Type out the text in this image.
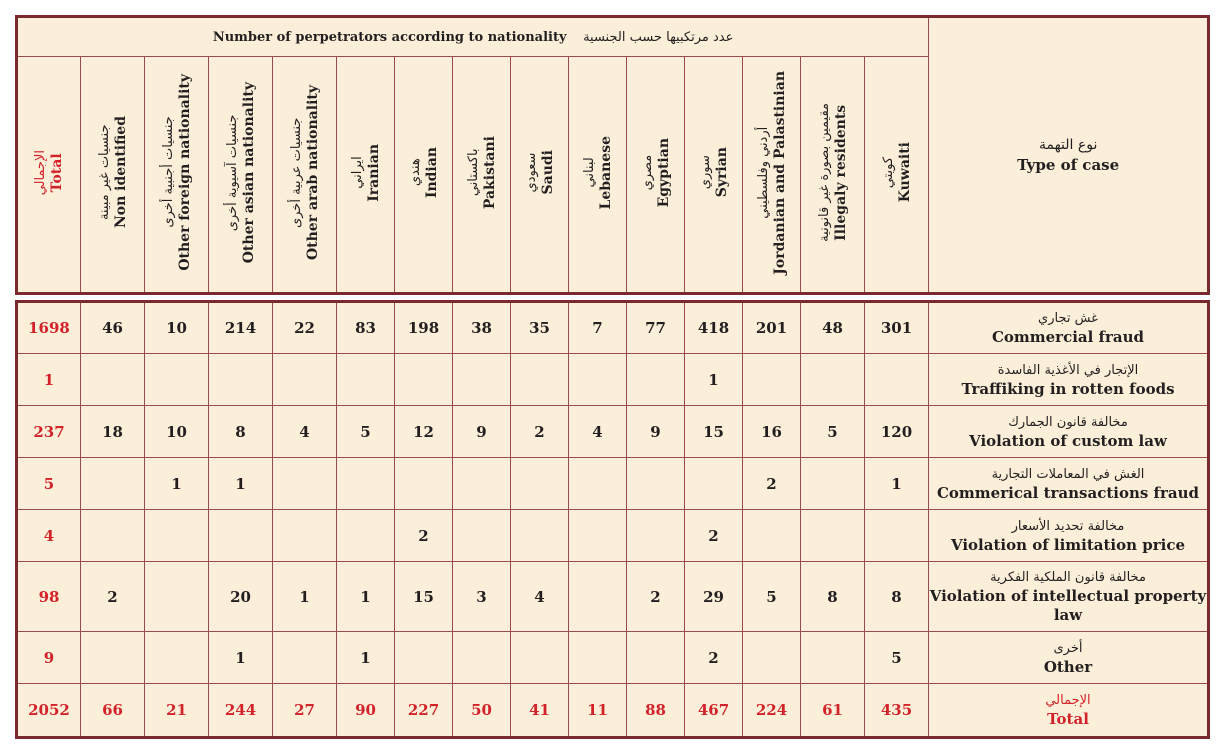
Number of perpetrators according to nationality عدد مرتكبيها حسب الجنسية															نوع التهمة
Type of case

الإجمالي Total	جنسيات غير مبينة Non identified	جنسيات أجنبية أخرى Other foreign nationality	جنسيات آسيوية أخرى Other asian nationality	جنسيات عربية أخرى Other arab nationality	ايراني Iranian	هندي Indian	باكستاني Pakistani	سعودي Saudi	لبناني Lebanese	مصري Egyptian	سوري Syrian	أردني وفلسطيني Jordanian and Palastinian	مقيمين بصورة غير قانونية Illegaly residents	كويتي Kuwaiti	
1698	46	10	214	22	83	198	38	35	7	77	418	201	48	301	غش تجاري
Commercial fraud

1											1				الإتجار في الأغذية الفاسدة
Traffiking in rotten foods

237	18	10	8	4	5	12	9	2	4	9	15	16	5	120	مخالفة قانون الجمارك
Violation of custom law

5		1	1									2		1	الغش في المعاملات التجارية
Commerical transactions fraud

4						2					2				مخالفة تحديد الأسعار
Violation of limitation price

98	2		20	1	1	15	3	4		2	29	5	8	8	مخالفة قانون الملكية الفكرية
Violation of intellectual property law

9			1		1						2			5	أخرى
Other

2052	66	21	244	27	90	227	50	41	11	88	467	224	61	435	الإجمالي
Total
